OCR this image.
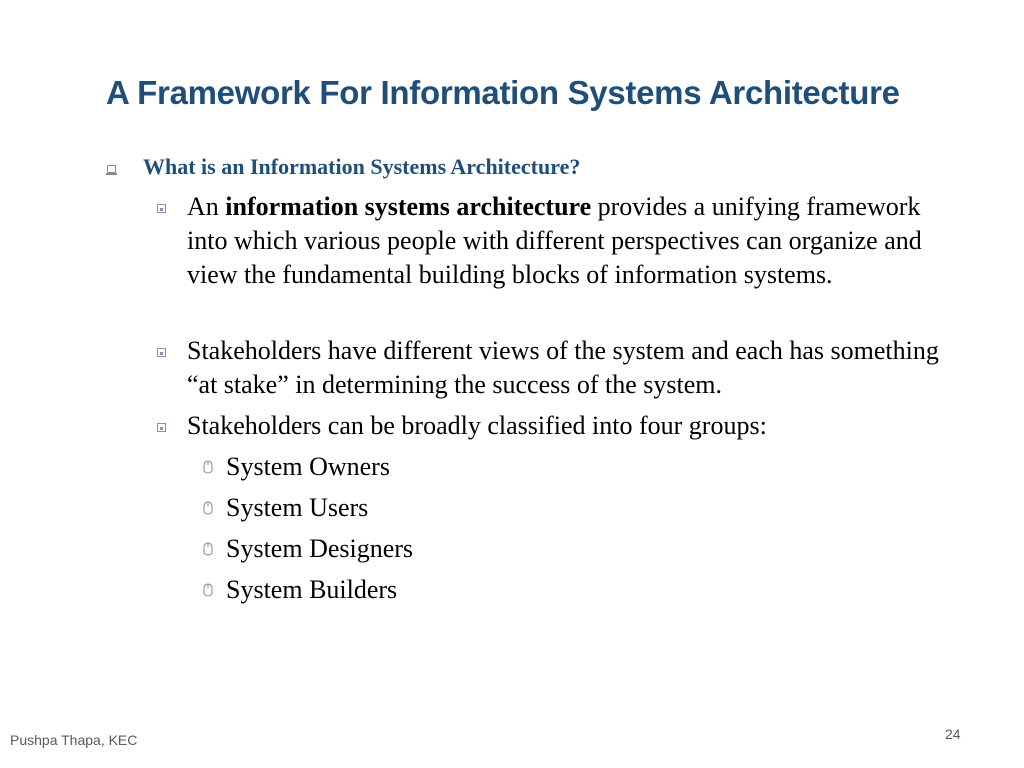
A Framework For Information Systems Architecture
What is an Information Systems Architecture?
An information systems architecture provides a unifying framework into which various people with different perspectives can organize and view the fundamental building blocks of information systems.
Stakeholders have different views of the system and each has something “at stake” in determining the success of the system.
Stakeholders can be broadly classified into four groups:
System Owners
System Users
System Designers
System Builders
Pushpa Thapa, KEC	24
